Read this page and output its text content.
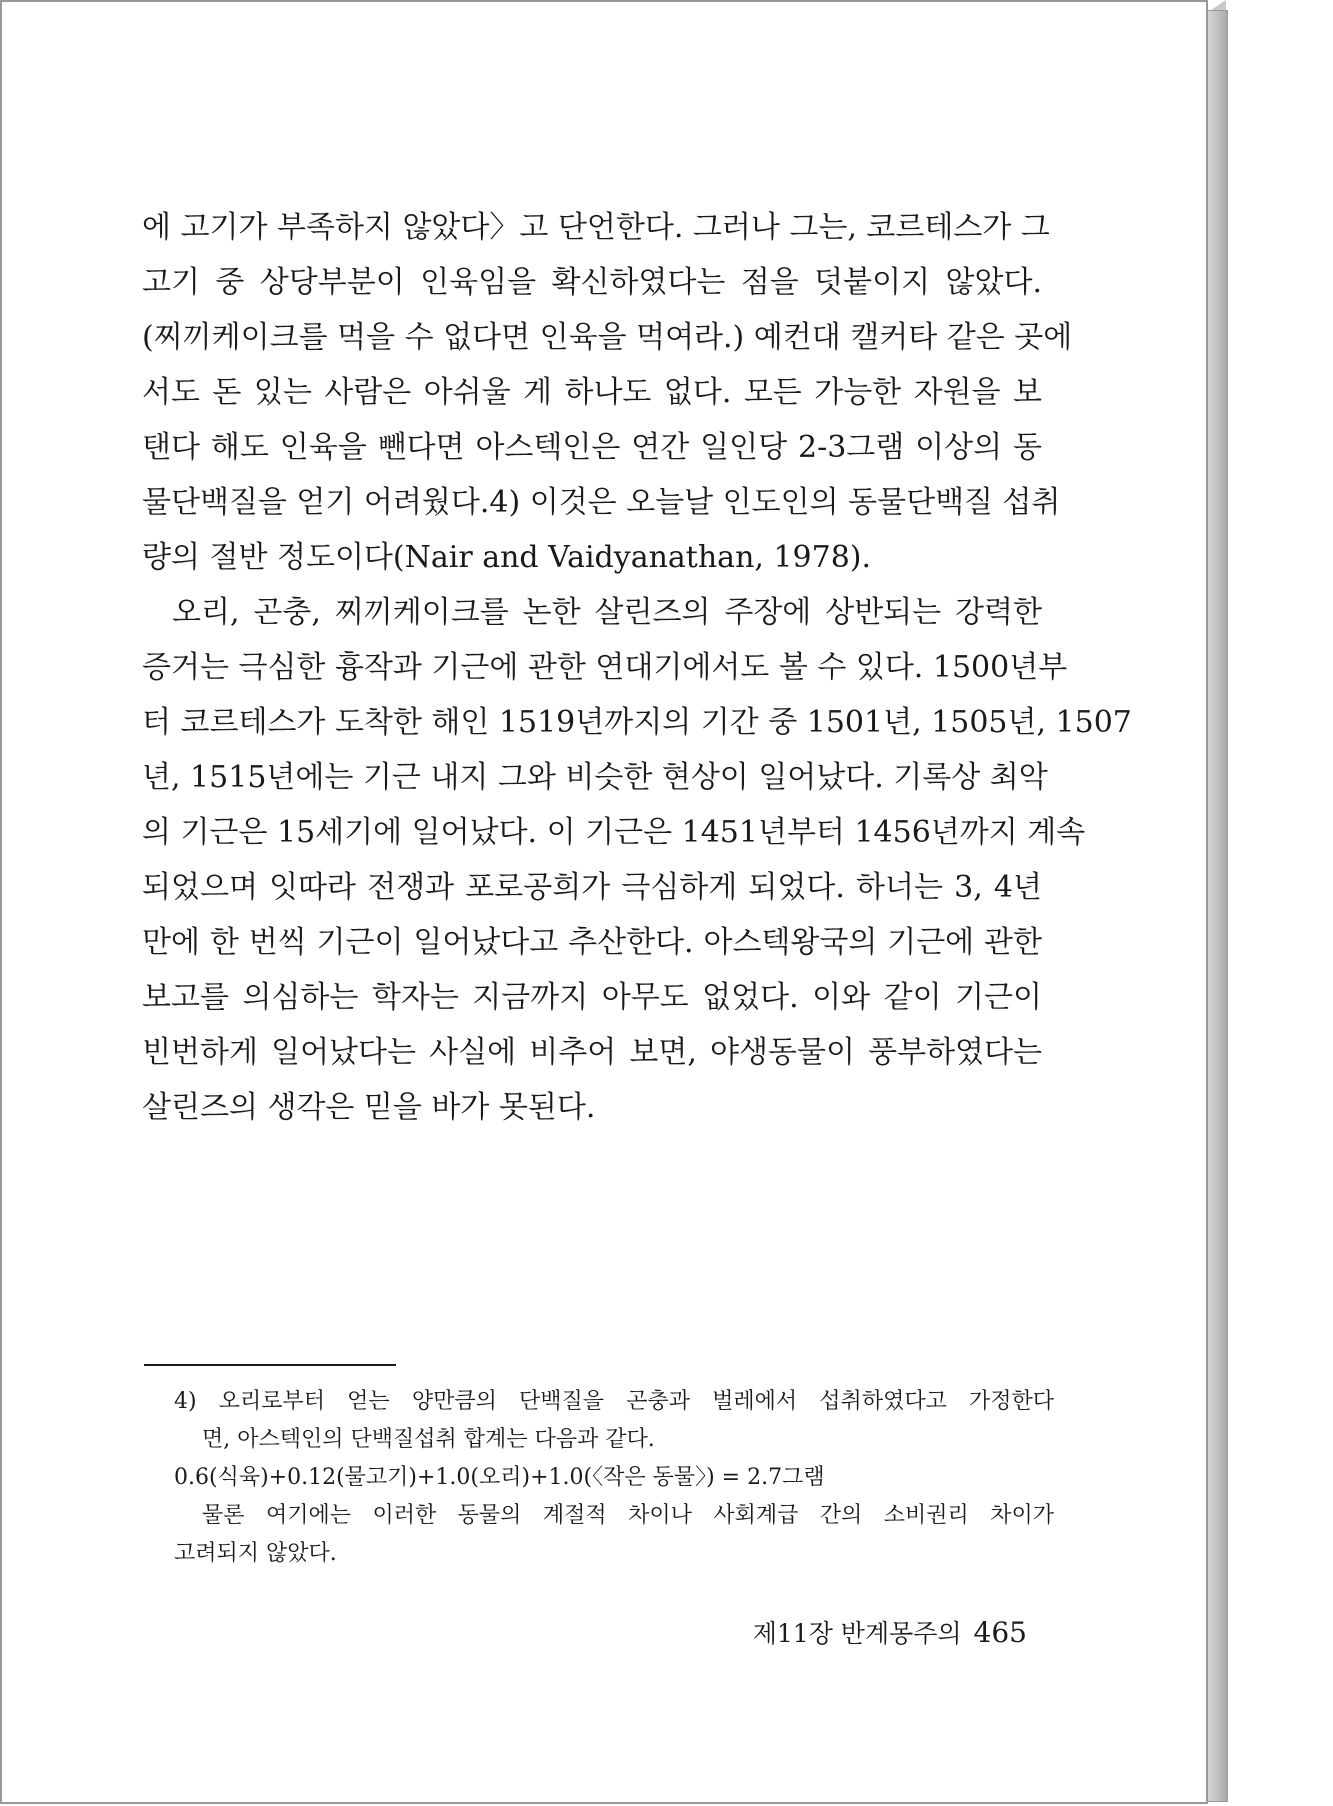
에 고기가 부족하지 않았다〉고 단언한다. 그러나 그는, 코르테스가 그
고기 중 상당부분이 인육임을 확신하였다는 점을 덧붙이지 않았다.
(찌끼케이크를 먹을 수 없다면 인육을 먹여라.) 예컨대 캘커타 같은 곳에
서도 돈 있는 사람은 아쉬울 게 하나도 없다. 모든 가능한 자원을 보
탠다 해도 인육을 뺀다면 아스텍인은 연간 일인당 2-3그램 이상의 동
물단백질을 얻기 어려웠다.4) 이것은 오늘날 인도인의 동물단백질 섭취
량의 절반 정도이다(Nair and Vaidyanathan, 1978).
오리, 곤충, 찌끼케이크를 논한 살린즈의 주장에 상반되는 강력한
증거는 극심한 흉작과 기근에 관한 연대기에서도 볼 수 있다. 1500년부
터 코르테스가 도착한 해인 1519년까지의 기간 중 1501년, 1505년, 1507
년, 1515년에는 기근 내지 그와 비슷한 현상이 일어났다. 기록상 최악
의 기근은 15세기에 일어났다. 이 기근은 1451년부터 1456년까지 계속
되었으며 잇따라 전쟁과 포로공희가 극심하게 되었다. 하너는 3, 4년
만에 한 번씩 기근이 일어났다고 추산한다. 아스텍왕국의 기근에 관한
보고를 의심하는 학자는 지금까지 아무도 없었다. 이와 같이 기근이
빈번하게 일어났다는 사실에 비추어 보면, 야생동물이 풍부하였다는
살린즈의 생각은 믿을 바가 못된다.
4) 오리로부터 얻는 양만큼의 단백질을 곤충과 벌레에서 섭취하였다고 가정한다
면, 아스텍인의 단백질섭취 합계는 다음과 같다.
0.6(식육)+0.12(물고기)+1.0(오리)+1.0(〈작은 동물〉) = 2.7그램
물론 여기에는 이러한 동물의 계절적 차이나 사회계급 간의 소비권리 차이가
고려되지 않았다.
제11장 반계몽주의 465
